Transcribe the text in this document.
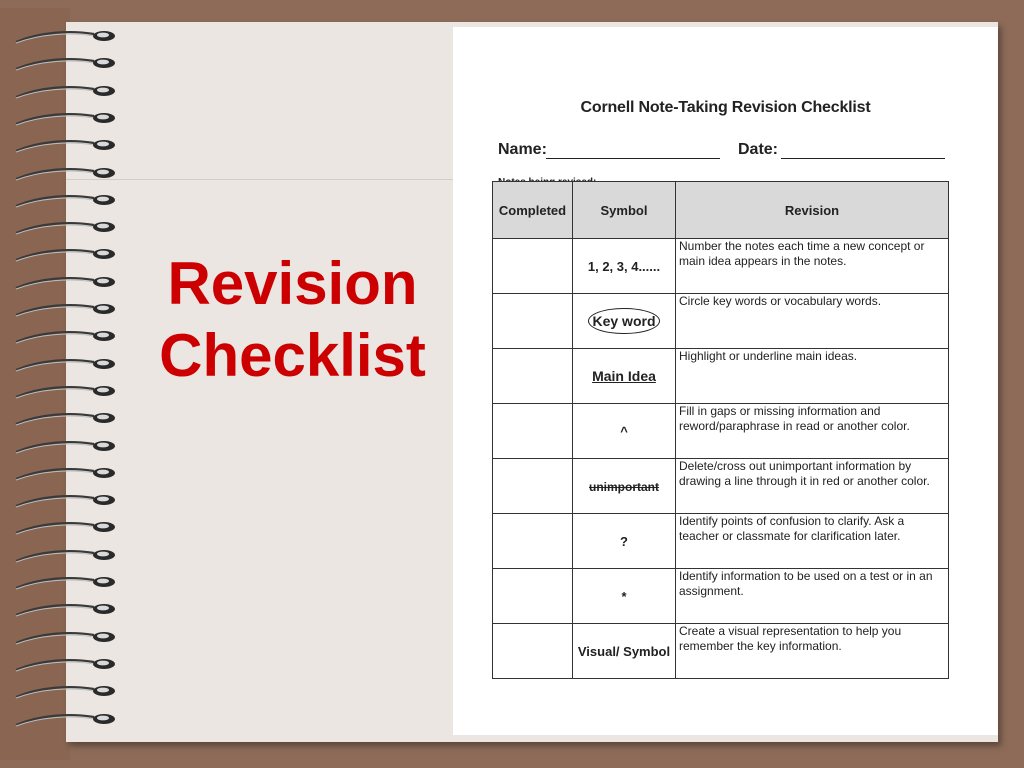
Revision
Checklist
Cornell Note-Taking Revision Checklist
Name:	Date:
Completed	Symbol	Revision
	1, 2, 3, 4......	Number the notes each time a new concept or main idea appears in the notes.
	Key word	Circle key words or vocabulary words.
	Main Idea	Highlight or underline main ideas.
	^	Fill in gaps or missing information and reword/paraphrase in read or another color.
	unimportant	Delete/cross out unimportant information by drawing a line through it in red or another color.
	?	Identify points of confusion to clarify. Ask a teacher or classmate for clarification later.
	*	Identify information to be used on a test or in an assignment.
	Visual/ Symbol	Create a visual representation to help you remember the key information.
